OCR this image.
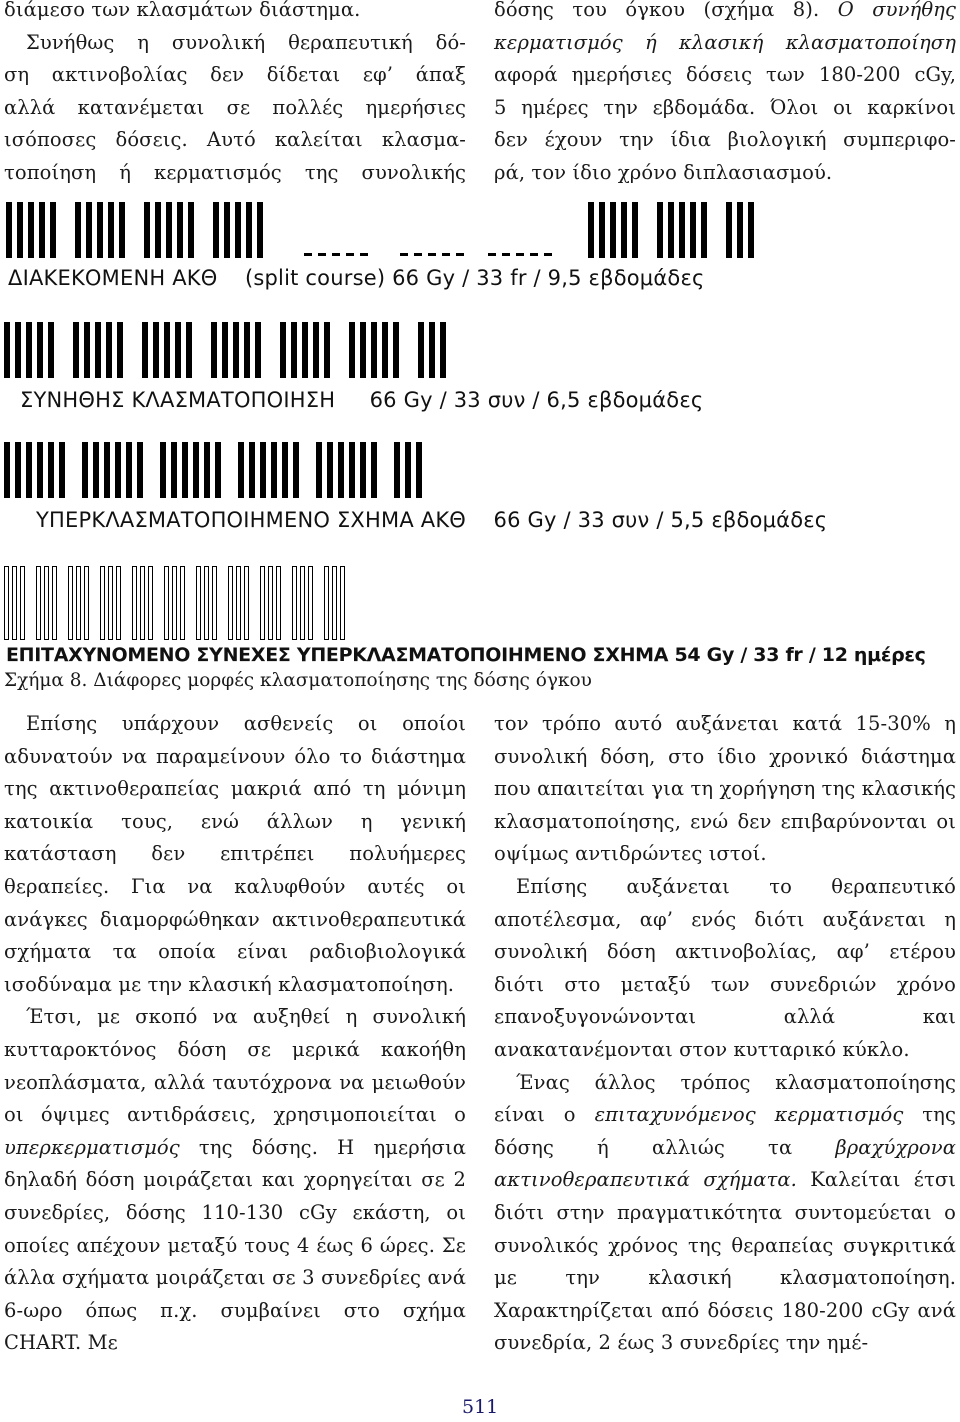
διάμεσο των κλασμάτων διάστημα.
Συνήθως η συνολική θεραπευτική δό-
ση ακτινοβολίας δεν δίδεται εφ’ άπαξ
αλλά κατανέμεται σε πολλές ημερήσιες
ισόποσες δόσεις. Αυτό καλείται κλασμα-
τοποίηση ή κερματισμός της συνολικής
δόσης του όγκου (σχήμα 8). Ο συνήθης
κερματισμός ή κλασική κλασματοποίηση
αφορά ημερήσιες δόσεις των 180-200 cGy,
5 ημέρες την εβδομάδα. Όλοι οι καρκίνοι
δεν έχουν την ίδια βιολογική συμπεριφο-
ρά, τον ίδιο χρόνο διπλασιασμού.
ΔΙΑΚΕΚΟΜΕΝΗ ΑΚΘ    (split course) 66 Gy / 33 fr / 9,5 εβδομάδες
ΣΥΝΗΘΗΣ ΚΛΑΣΜΑΤΟΠΟΙΗΣΗ     66 Gy / 33 συν / 6,5 εβδομάδες
ΥΠΕΡΚΛΑΣΜΑΤΟΠΟΙΗΜΕΝΟ ΣΧΗΜΑ ΑΚΘ    66 Gy / 33 συν / 5,5 εβδομάδες
ΕΠΙΤΑΧΥΝΟΜΕΝΟ ΣΥΝΕΧΕΣ ΥΠΕΡΚΛΑΣΜΑΤΟΠΟΙΗΜΕΝΟ ΣΧΗΜΑ 54 Gy / 33 fr / 12 ημέρες
Σχήμα 8. Διάφορες μορφές κλασματοποίησης της δόσης όγκου

Επίσης υπάρχουν ασθενείς οι οποίοι αδυνατούν να παραμείνουν όλο το διάστημα της ακτινοθεραπείας μακριά από τη μόνιμη κατοικία τους, ενώ άλλων η γενική κατάσταση δεν επιτρέπει πολυήμερες θεραπείες. Για να καλυφθούν αυτές οι ανάγκες διαμορφώθηκαν ακτινοθεραπευτικά σχήματα τα οποία είναι ραδιοβιολογικά ισοδύναμα με την κλασική κλασματοποίηση.

Έτσι, με σκοπό να αυξηθεί η συνολική κυτταροκτόνος δόση σε μερικά κακοήθη νεοπλάσματα, αλλά ταυτόχρονα να μειωθούν οι όψιμες αντιδράσεις, χρησιμοποιείται ο υπερκερματισμός της δόσης. Η ημερήσια δηλαδή δόση μοιράζεται και χορηγείται σε 2 συνεδρίες, δόσης 110-130 cGy εκάστη, οι οποίες απέχουν μεταξύ τους 4 έως 6 ώρες. Σε άλλα σχήματα μοιράζεται σε 3 συνεδρίες ανά 6-ωρο όπως π.χ. συμβαίνει στο σχήμα CHART. Με

τον τρόπο αυτό αυξάνεται κατά 15-30% η συνολική δόση, στο ίδιο χρονικό διάστημα που απαιτείται για τη χορήγηση της κλασικής κλασματοποίησης, ενώ δεν επιβαρύνονται οι οψίμως αντιδρώντες ιστοί.

Επίσης αυξάνεται το θεραπευτικό αποτέλεσμα, αφ’ ενός διότι αυξάνεται η συνολική δόση ακτινοβολίας, αφ’ ετέρου διότι στο μεταξύ των συνεδριών χρόνο επανοξυγονώνονται αλλά και ανακατανέμονται στον κυτταρικό κύκλο.

Ένας άλλος τρόπος κλασματοποίησης είναι ο επιταχυνόμενος κερματισμός της δόσης ή αλλιώς τα βραχύχρονα ακτινοθεραπευτικά σχήματα. Καλείται έτσι διότι στην πραγματικότητα συντομεύεται ο συνολικός χρόνος της θεραπείας συγκριτικά με την κλασική κλασματοποίηση. Χαρακτηρίζεται από δόσεις 180-200 cGy ανά συνεδρία, 2 έως 3 συνεδρίες την ημέ-

511
